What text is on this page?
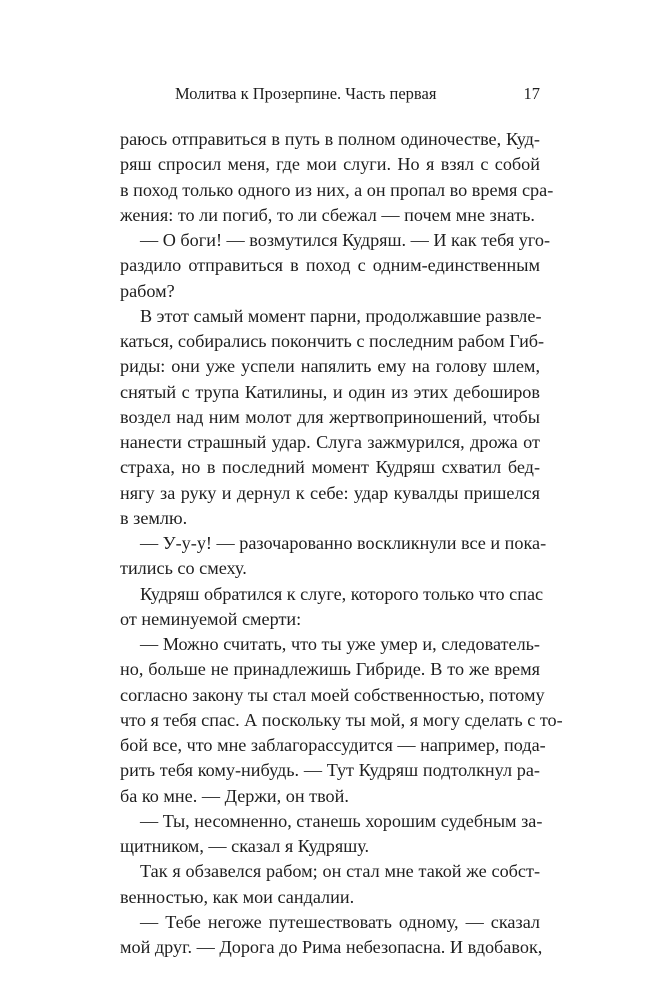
Молитва к Прозерпине. Часть первая	17
раюсь отправиться в путь в полном одиночестве, Куд-
ряш спросил меня, где мои слуги. Но я взял с собой
в поход только одного из них, а он пропал во время сра-
жения: то ли погиб, то ли сбежал — почем мне знать.
— О боги! — возмутился Кудряш. — И как тебя уго-
раздило отправиться в поход с одним-единственным
рабом?
В этот самый момент парни, продолжавшие развле-
каться, собирались покончить с последним рабом Гиб-
риды: они уже успели напялить ему на голову шлем,
снятый с трупа Катилины, и один из этих дебоширов
воздел над ним молот для жертвоприношений, чтобы
нанести страшный удар. Слуга зажмурился, дрожа от
страха, но в последний момент Кудряш схватил бед-
нягу за руку и дернул к себе: удар кувалды пришелся
в землю.
— У-у-у! — разочарованно воскликнули все и пока-
тились со смеху.
Кудряш обратился к слуге, которого только что спас
от неминуемой смерти:
— Можно считать, что ты уже умер и, следователь-
но, больше не принадлежишь Гибриде. В то же время
согласно закону ты стал моей собственностью, потому
что я тебя спас. А поскольку ты мой, я могу сделать с то-
бой все, что мне заблагорассудится — например, пода-
рить тебя кому-нибудь. — Тут Кудряш подтолкнул ра-
ба ко мне. — Держи, он твой.
— Ты, несомненно, станешь хорошим судебным за-
щитником, — сказал я Кудряшу.
Так я обзавелся рабом; он стал мне такой же собст-
венностью, как мои сандалии.
— Тебе негоже путешествовать одному, — сказал
мой друг. — Дорога до Рима небезопасна. И вдобавок,
